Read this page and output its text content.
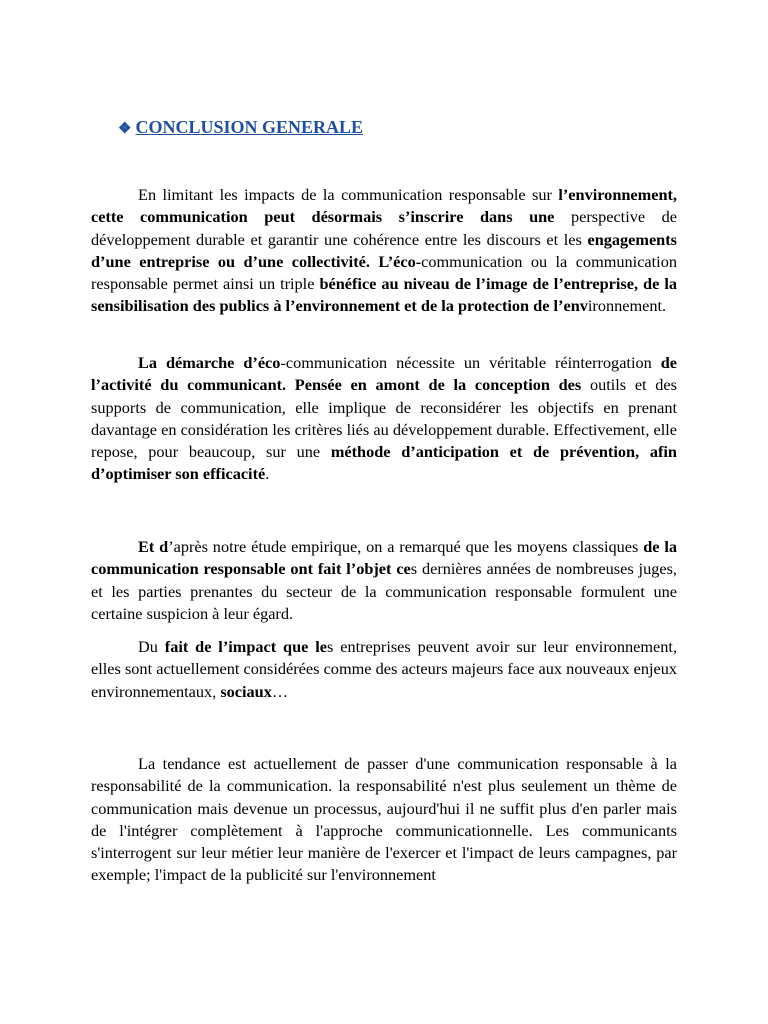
❖ CONCLUSION GENERALE

En limitant les impacts de la communication responsable sur l’environnement, cette communication peut désormais s’inscrire dans une perspective de développement durable et garantir une cohérence entre les discours et les engagements d’une entreprise ou d’une collectivité. L’éco-communication ou la communication responsable permet ainsi un triple bénéfice au niveau de l’image de l’entreprise, de la sensibilisation des publics à l’environnement et de la protection de l’environnement.

La démarche d’éco-communication nécessite un véritable réinterrogation de l’activité du communicant. Pensée en amont de la conception des outils et des supports de communication, elle implique de reconsidérer les objectifs en prenant davantage en considération les critères liés au développement durable. Effectivement, elle repose, pour beaucoup, sur une méthode d’anticipation et de prévention, afin d’optimiser son efficacité.

Et d’après notre étude empirique, on a remarqué que les moyens classiques de la communication responsable ont fait l’objet ces dernières années de nombreuses juges, et les parties prenantes du secteur de la communication responsable formulent une certaine suspicion à leur égard.

Du fait de l’impact que les entreprises peuvent avoir sur leur environnement, elles sont actuellement considérées comme des acteurs majeurs face aux nouveaux enjeux environnementaux, sociaux…

La tendance est actuellement de passer d'une communication responsable à la responsabilité de la communication. la responsabilité n'est plus seulement un thème de communication mais devenue un processus, aujourd'hui il ne suffit plus d'en parler mais de l'intégrer complètement à l'approche communicationnelle. Les communicants s'interrogent sur leur métier leur manière de l'exercer et l'impact de leurs campagnes, par exemple; l'impact de la publicité sur l'environnement
